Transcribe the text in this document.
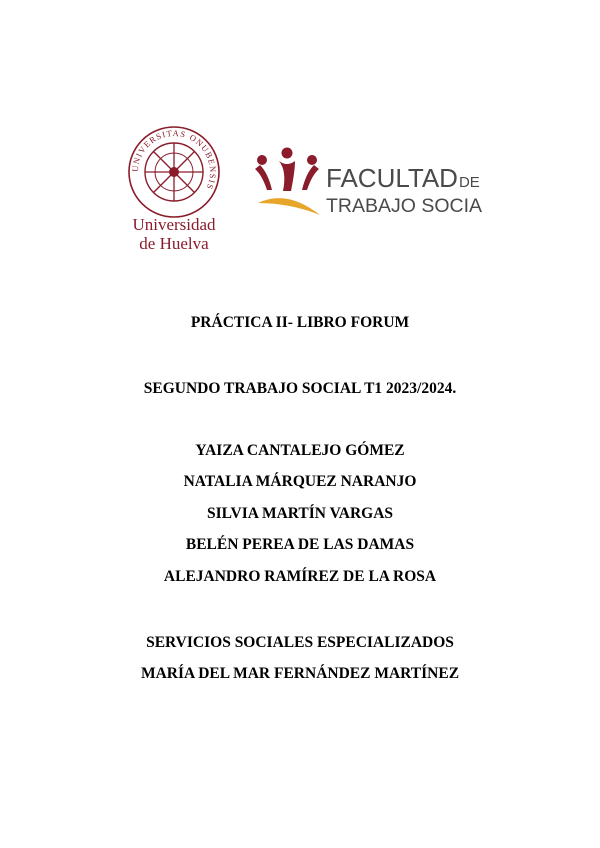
UNIVERSITAS ONUBENSIS
Universidad
de Huelva
FACULTADDE
TRABAJO SOCIAL
PRÁCTICA II- LIBRO FORUM
SEGUNDO TRABAJO SOCIAL T1 2023/2024.
YAIZA CANTALEJO GÓMEZ
NATALIA MÁRQUEZ NARANJO
SILVIA MARTÍN VARGAS
BELÉN PEREA DE LAS DAMAS
ALEJANDRO RAMÍREZ DE LA ROSA
SERVICIOS SOCIALES ESPECIALIZADOS
MARÍA DEL MAR FERNÁNDEZ MARTÍNEZ
